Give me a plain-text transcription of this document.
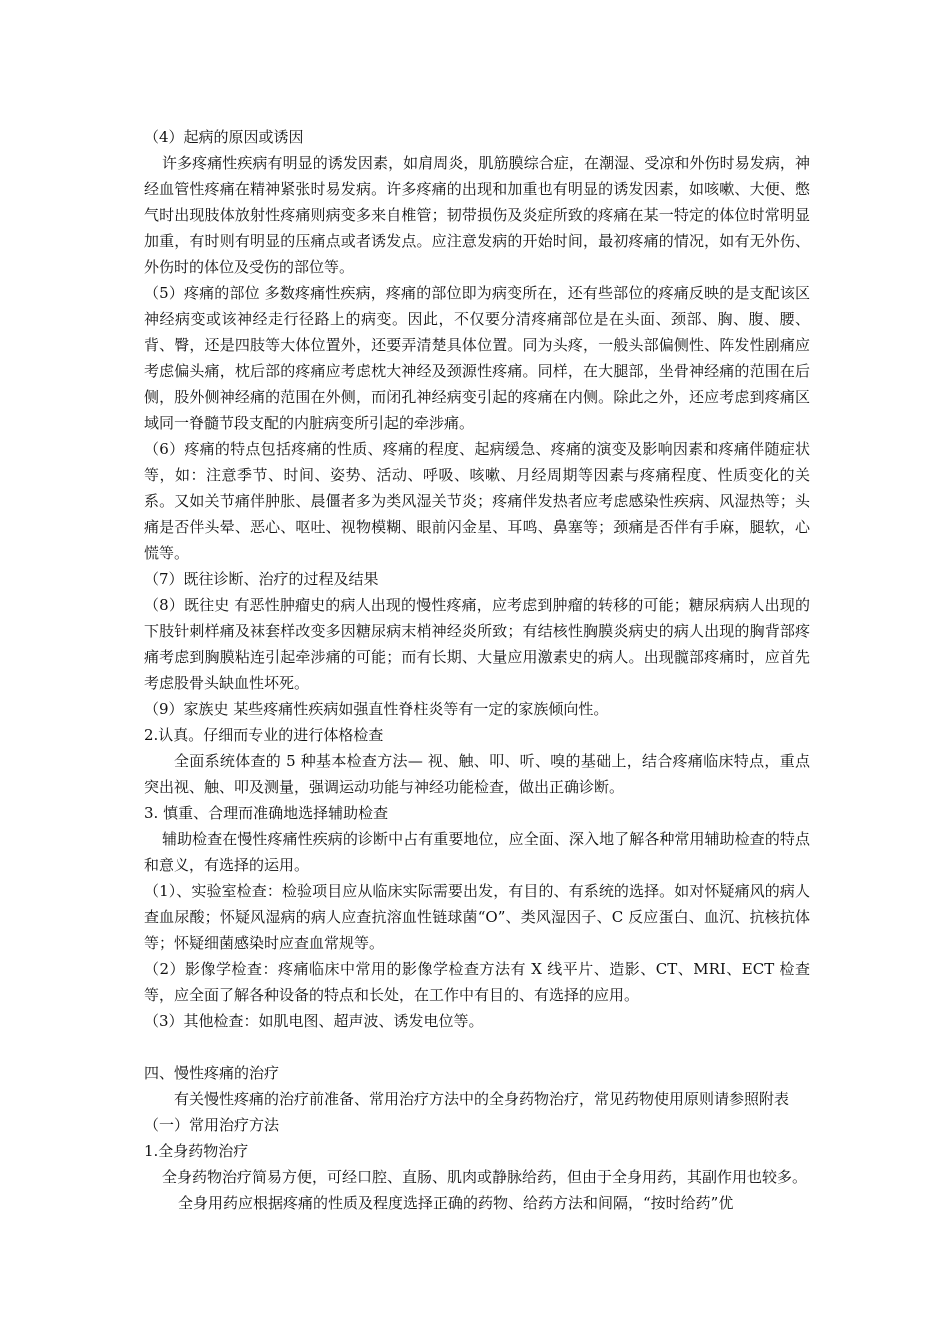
（4）起病的原因或诱因

许多疼痛性疾病有明显的诱发因素，如肩周炎，肌筋膜综合症，在潮湿、受凉和外伤时易发病，神经血管性疼痛在精神紧张时易发病。许多疼痛的出现和加重也有明显的诱发因素，如咳嗽、大便、憋气时出现肢体放射性疼痛则病变多来自椎管；韧带损伤及炎症所致的疼痛在某一特定的体位时常明显加重，有时则有明显的压痛点或者诱发点。应注意发病的开始时间，最初疼痛的情况，如有无外伤、外伤时的体位及受伤的部位等。

（5）疼痛的部位 多数疼痛性疾病，疼痛的部位即为病变所在，还有些部位的疼痛反映的是支配该区神经病变或该神经走行径路上的病变。因此，不仅要分清疼痛部位是在头面、颈部、胸、腹、腰、背、臀，还是四肢等大体位置外，还要弄清楚具体位置。同为头疼，一般头部偏侧性、阵发性剧痛应考虑偏头痛，枕后部的疼痛应考虑枕大神经及颈源性疼痛。同样，在大腿部，坐骨神经痛的范围在后侧，股外侧神经痛的范围在外侧，而闭孔神经病变引起的疼痛在内侧。除此之外，还应考虑到疼痛区域同一脊髓节段支配的内脏病变所引起的牵涉痛。

（6）疼痛的特点包括疼痛的性质、疼痛的程度、起病缓急、疼痛的演变及影响因素和疼痛伴随症状等，如：注意季节、时间、姿势、活动、呼吸、咳嗽、月经周期等因素与疼痛程度、性质变化的关系。又如关节痛伴肿胀、晨僵者多为类风湿关节炎；疼痛伴发热者应考虑感染性疾病、风湿热等；头痛是否伴头晕、恶心、呕吐、视物模糊、眼前闪金星、耳鸣、鼻塞等；颈痛是否伴有手麻，腿软，心慌等。

（7）既往诊断、治疗的过程及结果

（8）既往史 有恶性肿瘤史的病人出现的慢性疼痛，应考虑到肿瘤的转移的可能；糖尿病病人出现的下肢针刺样痛及袜套样改变多因糖尿病末梢神经炎所致；有结核性胸膜炎病史的病人出现的胸背部疼痛考虑到胸膜粘连引起牵涉痛的可能；而有长期、大量应用激素史的病人。出现髋部疼痛时，应首先考虑股骨头缺血性坏死。

（9）家族史 某些疼痛性疾病如强直性脊柱炎等有一定的家族倾向性。

2.认真。仔细而专业的进行体格检查

全面系统体查的 5 种基本检查方法— 视、触、叩、听、嗅的基础上，结合疼痛临床特点，重点突出视、触、叩及测量，强调运动功能与神经功能检查，做出正确诊断。

3. 慎重、合理而准确地选择辅助检查

辅助检查在慢性疼痛性疾病的诊断中占有重要地位，应全面、深入地了解各种常用辅助检查的特点和意义，有选择的运用。

（1）、实验室检查：检验项目应从临床实际需要出发，有目的、有系统的选择。如对怀疑痛风的病人查血尿酸；怀疑风湿病的病人应查抗溶血性链球菌“O”、类风湿因子、C 反应蛋白、血沉、抗核抗体等；怀疑细菌感染时应查血常规等。

（2）影像学检查：疼痛临床中常用的影像学检查方法有 X 线平片、造影、CT、MRI、ECT 检查等，应全面了解各种设备的特点和长处，在工作中有目的、有选择的应用。

（3）其他检查：如肌电图、超声波、诱发电位等。

四、慢性疼痛的治疗

有关慢性疼痛的治疗前准备、常用治疗方法中的全身药物治疗，常见药物使用原则请参照附表

（一）常用治疗方法

1.全身药物治疗

全身药物治疗简易方便，可经口腔、直肠、肌肉或静脉给药，但由于全身用药，其副作用也较多。

全身用药应根据疼痛的性质及程度选择正确的药物、给药方法和间隔，“按时给药”优
